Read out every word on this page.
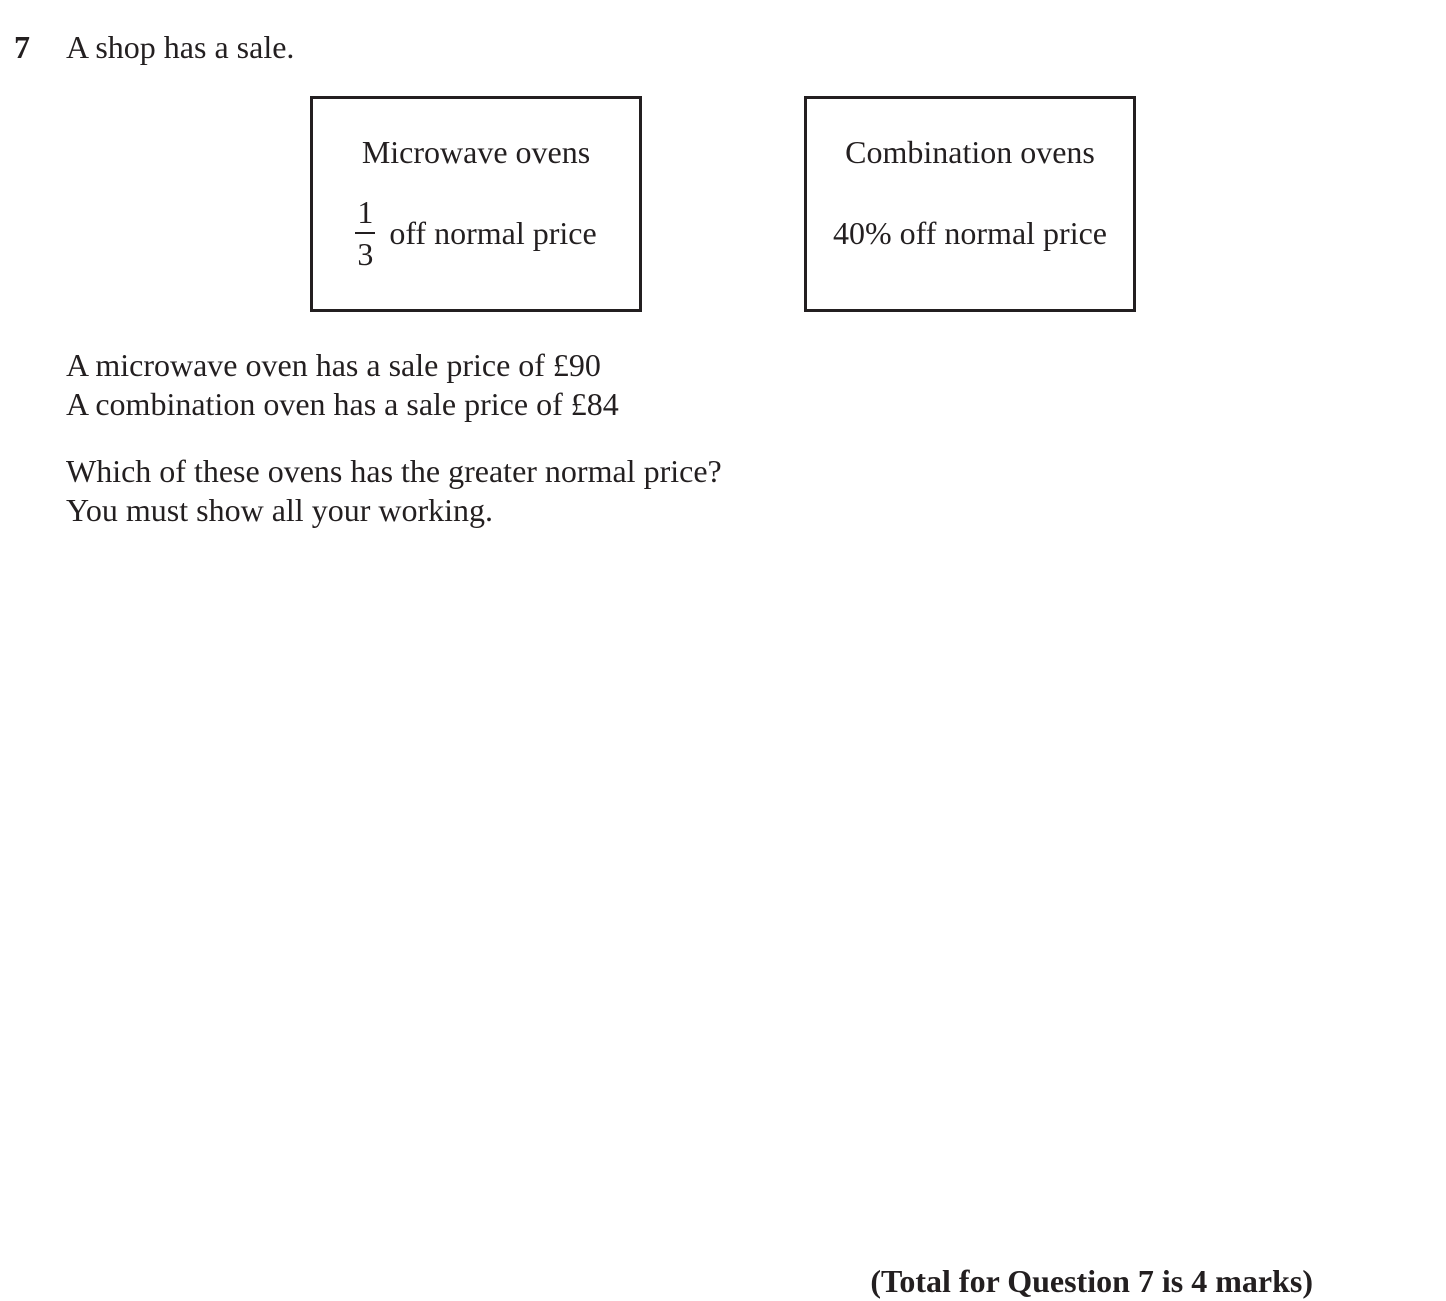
7 A shop has a sale.
Microwave ovens
$\frac{1}{3}$ off normal price
Combination ovens
40% off normal price
A microwave oven has a sale price of £90
A combination oven has a sale price of £84
Which of these ovens has the greater normal price?
You must show all your working.
(Total for Question 7 is 4 marks)
